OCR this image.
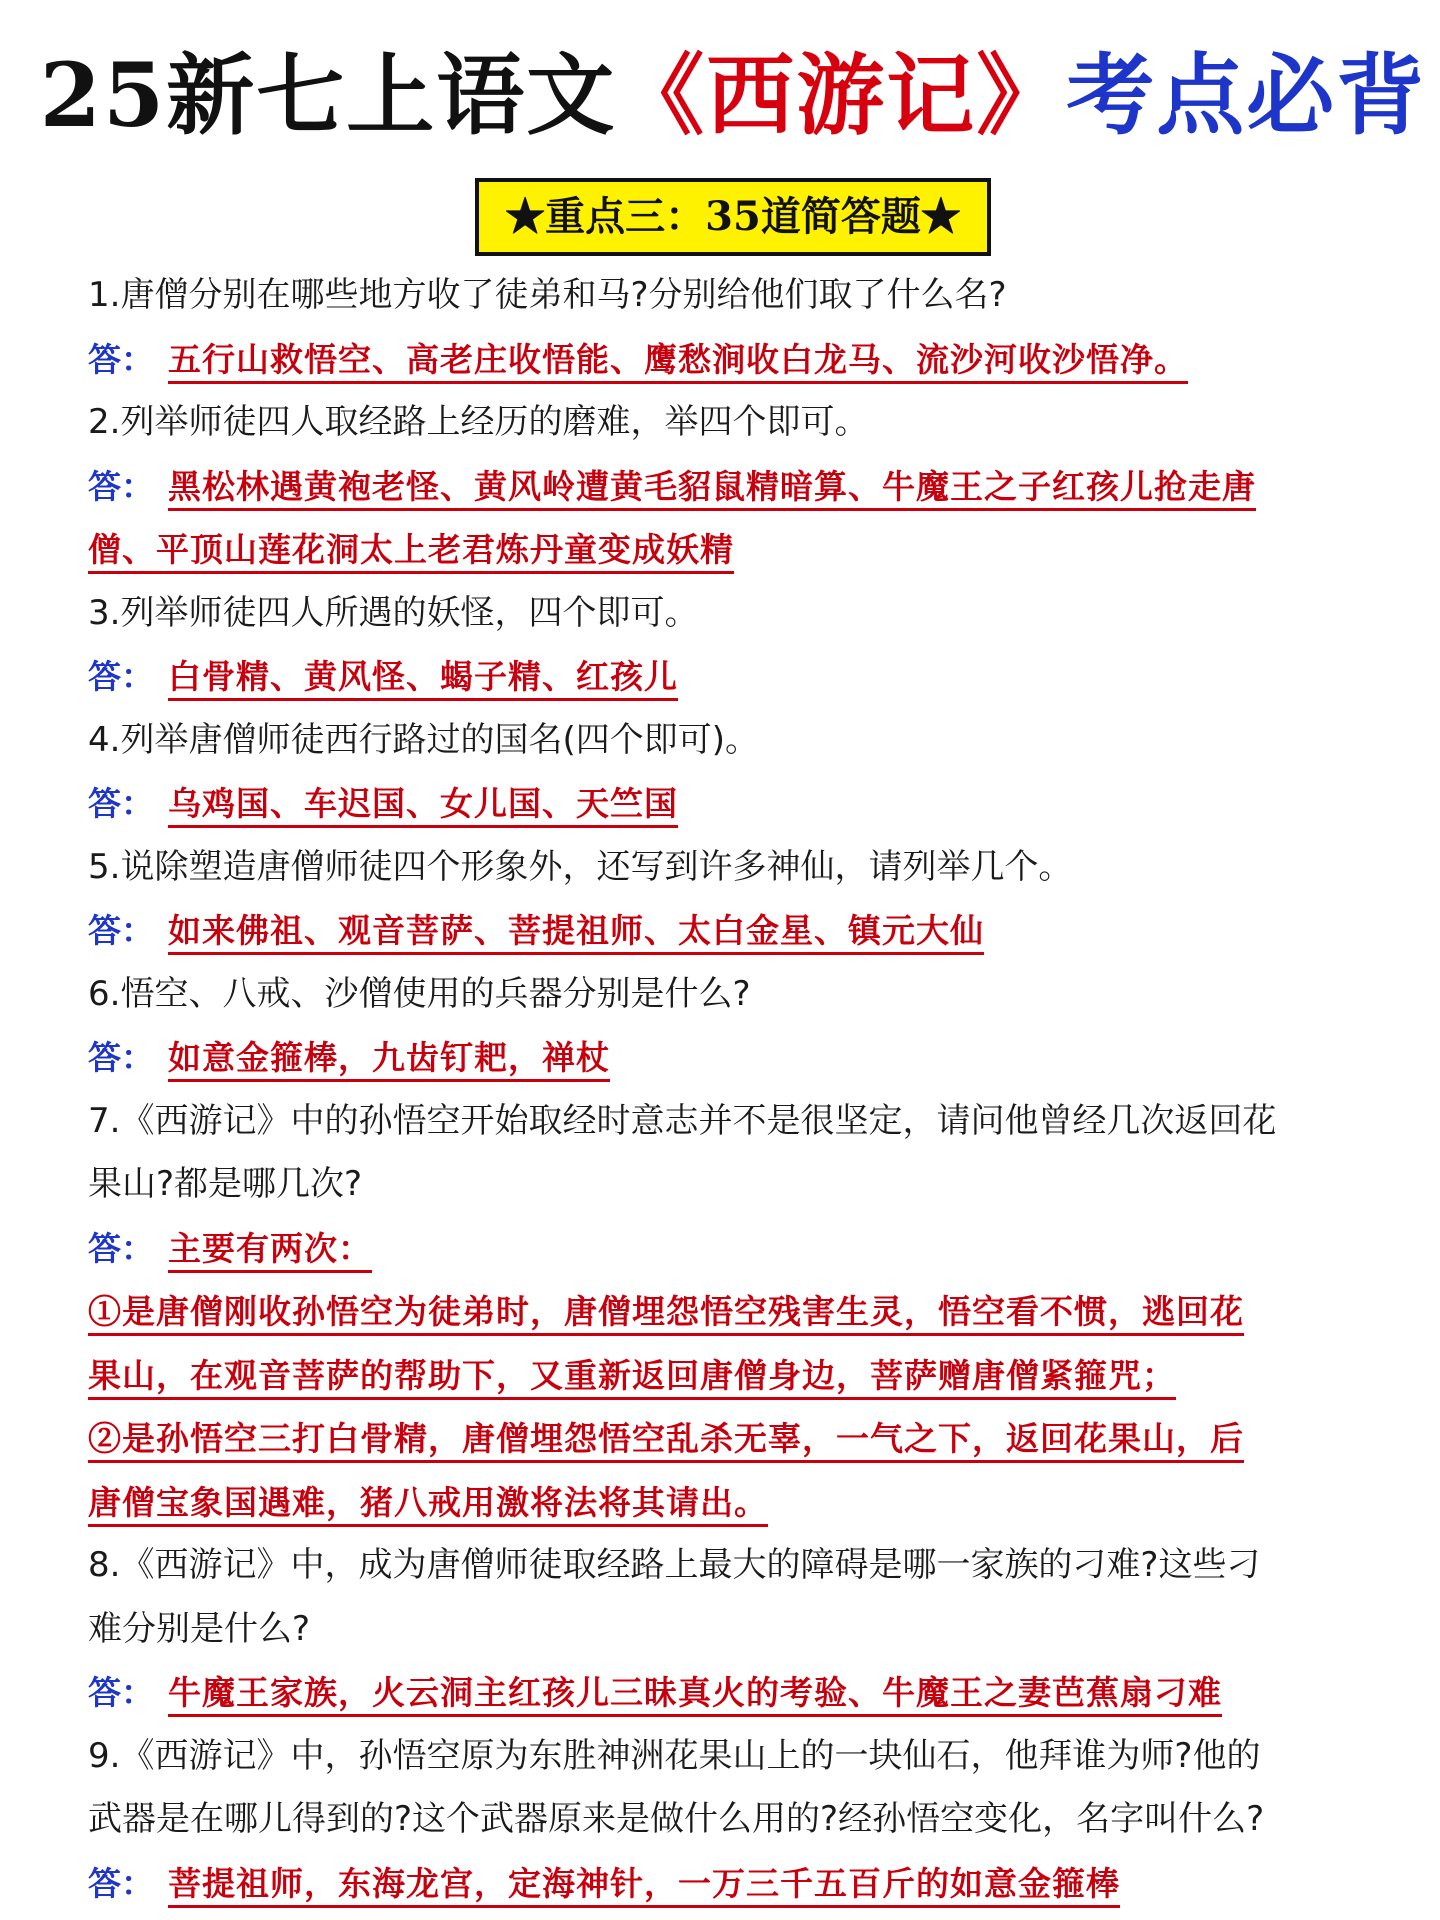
25新七上语文 《西游记》 考点必背
★重点三：35道简答题★
1.唐僧分别在哪些地方收了徒弟和马?分别给他们取了什么名?
答： 五行山救悟空、高老庄收悟能、鹰愁涧收白龙马、流沙河收沙悟净。
2.列举师徒四人取经路上经历的磨难，举四个即可。
答： 黑松林遇黄袍老怪、黄风岭遭黄毛貂鼠精暗算、牛魔王之子红孩儿抢走唐
僧、平顶山莲花洞太上老君炼丹童变成妖精
3.列举师徒四人所遇的妖怪，四个即可。
答： 白骨精、黄风怪、蝎子精、红孩儿
4.列举唐僧师徒西行路过的国名(四个即可)。
答： 乌鸡国、车迟国、女儿国、天竺国
5.说除塑造唐僧师徒四个形象外，还写到许多神仙，请列举几个。
答： 如来佛祖、观音菩萨、菩提祖师、太白金星、镇元大仙
6.悟空、八戒、沙僧使用的兵器分别是什么?
答： 如意金箍棒，九齿钉耙，禅杖
7.《西游记》中的孙悟空开始取经时意志并不是很坚定，请问他曾经几次返回花
果山?都是哪几次?
答： 主要有两次：
①是唐僧刚收孙悟空为徒弟时，唐僧埋怨悟空残害生灵，悟空看不惯，逃回花
果山，在观音菩萨的帮助下，又重新返回唐僧身边，菩萨赠唐僧紧箍咒；
②是孙悟空三打白骨精，唐僧埋怨悟空乱杀无辜，一气之下，返回花果山，后
唐僧宝象国遇难，猪八戒用激将法将其请出。
8.《西游记》中，成为唐僧师徒取经路上最大的障碍是哪一家族的刁难?这些刁
难分别是什么?
答： 牛魔王家族，火云洞主红孩儿三昧真火的考验、牛魔王之妻芭蕉扇刁难
9.《西游记》中，孙悟空原为东胜神洲花果山上的一块仙石，他拜谁为师?他的
武器是在哪儿得到的?这个武器原来是做什么用的?经孙悟空变化，名字叫什么?
答： 菩提祖师，东海龙宫，定海神针，一万三千五百斤的如意金箍棒
